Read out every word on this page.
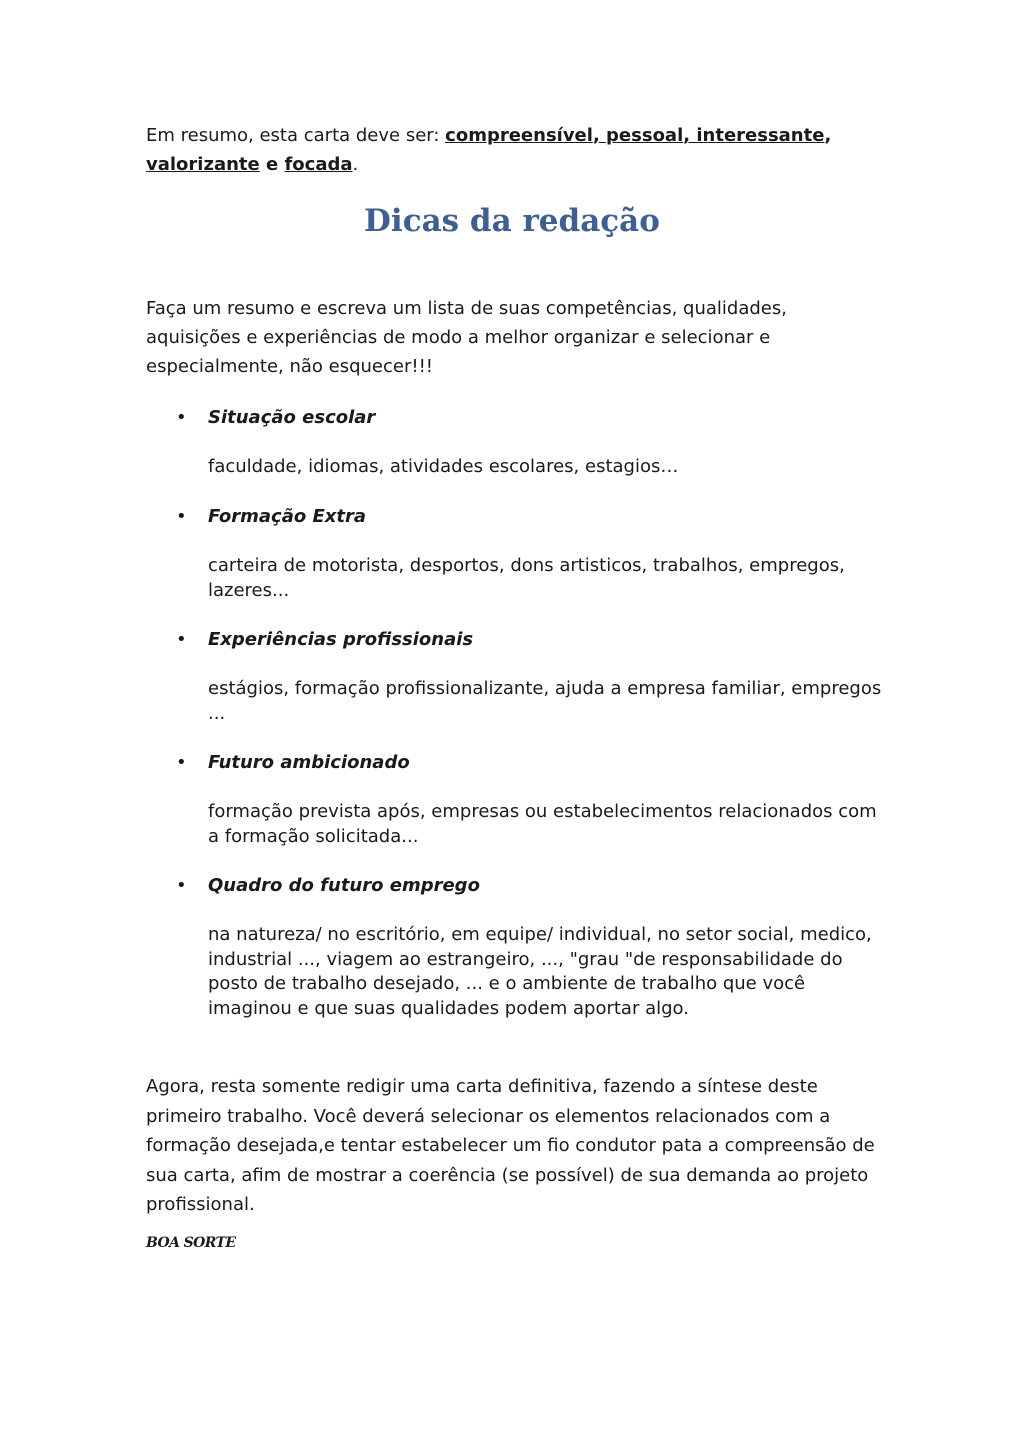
Em resumo, esta carta deve ser: compreensível, pessoal, interessante,
valorizante e focada.

Dicas da redação

Faça um resumo e escreva um lista de suas competências, qualidades, aquisições e experiências de modo a melhor organizar e selecionar e especialmente, não esquecer!!!

• Situação escolar

faculdade, idiomas, atividades escolares, estagios…

• Formação Extra

carteira de motorista, desportos, dons artisticos, trabalhos, empregos, lazeres...

• Experiências profissionais

estágios, formação profissionalizante, ajuda a empresa familiar, empregos ...

• Futuro ambicionado

formação prevista após, empresas ou estabelecimentos relacionados com a formação solicitada...

• Quadro do futuro emprego

na natureza/ no escritório, em equipe/ individual, no setor social, medico, industrial ..., viagem ao estrangeiro, ..., "grau "de responsabilidade do posto de trabalho desejado, ... e o ambiente de trabalho que você imaginou e que suas qualidades podem aportar algo.

Agora, resta somente redigir uma carta definitiva, fazendo a síntese deste primeiro trabalho. Você deverá selecionar os elementos relacionados com a formação desejada,e tentar estabelecer um fio condutor pata a compreensão de sua carta, afim de mostrar a coerência (se possível) de sua demanda ao projeto profissional.

BOA SORTE
